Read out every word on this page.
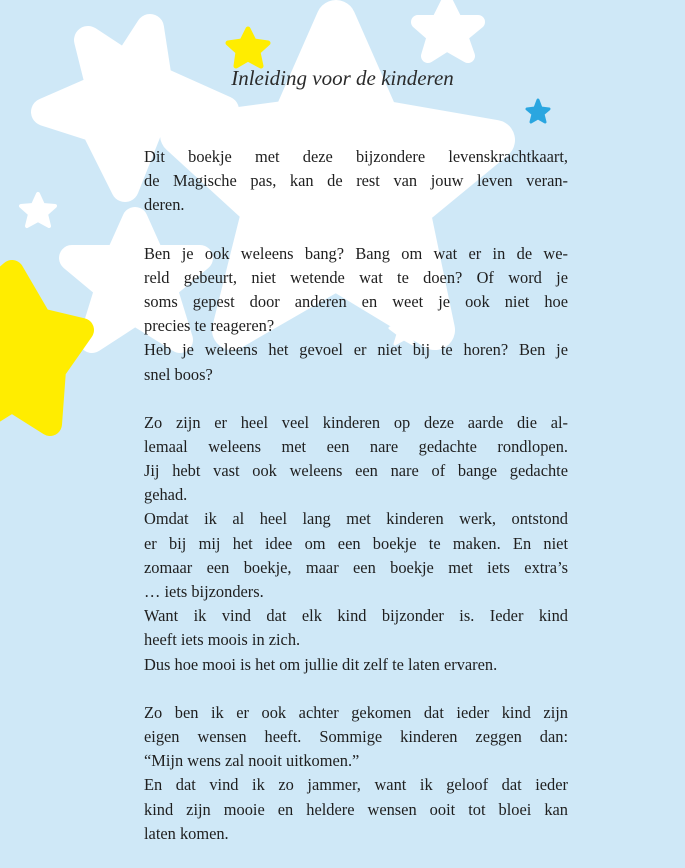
Inleiding voor de kinderen
Dit boekje met deze bijzondere levenskrachtkaart,
de Magische pas, kan de rest van jouw leven veran-
deren.
Ben je ook weleens bang? Bang om wat er in de we-
reld gebeurt, niet wetende wat te doen? Of word je
soms gepest door anderen en weet je ook niet hoe
precies te reageren?
Heb je weleens het gevoel er niet bij te horen? Ben je
snel boos?
Zo zijn er heel veel kinderen op deze aarde die al-
lemaal weleens met een nare gedachte rondlopen.
Jij hebt vast ook weleens een nare of bange gedachte
gehad.
Omdat ik al heel lang met kinderen werk, ontstond
er bij mij het idee om een boekje te maken. En niet
zomaar een boekje, maar een boekje met iets extra’s
… iets bijzonders.
Want ik vind dat elk kind bijzonder is. Ieder kind
heeft iets moois in zich.
Dus hoe mooi is het om jullie dit zelf te laten ervaren.
Zo ben ik er ook achter gekomen dat ieder kind zijn
eigen wensen heeft. Sommige kinderen zeggen dan:
“Mijn wens zal nooit uitkomen.”
En dat vind ik zo jammer, want ik geloof dat ieder
kind zijn mooie en heldere wensen ooit tot bloei kan
laten komen.
